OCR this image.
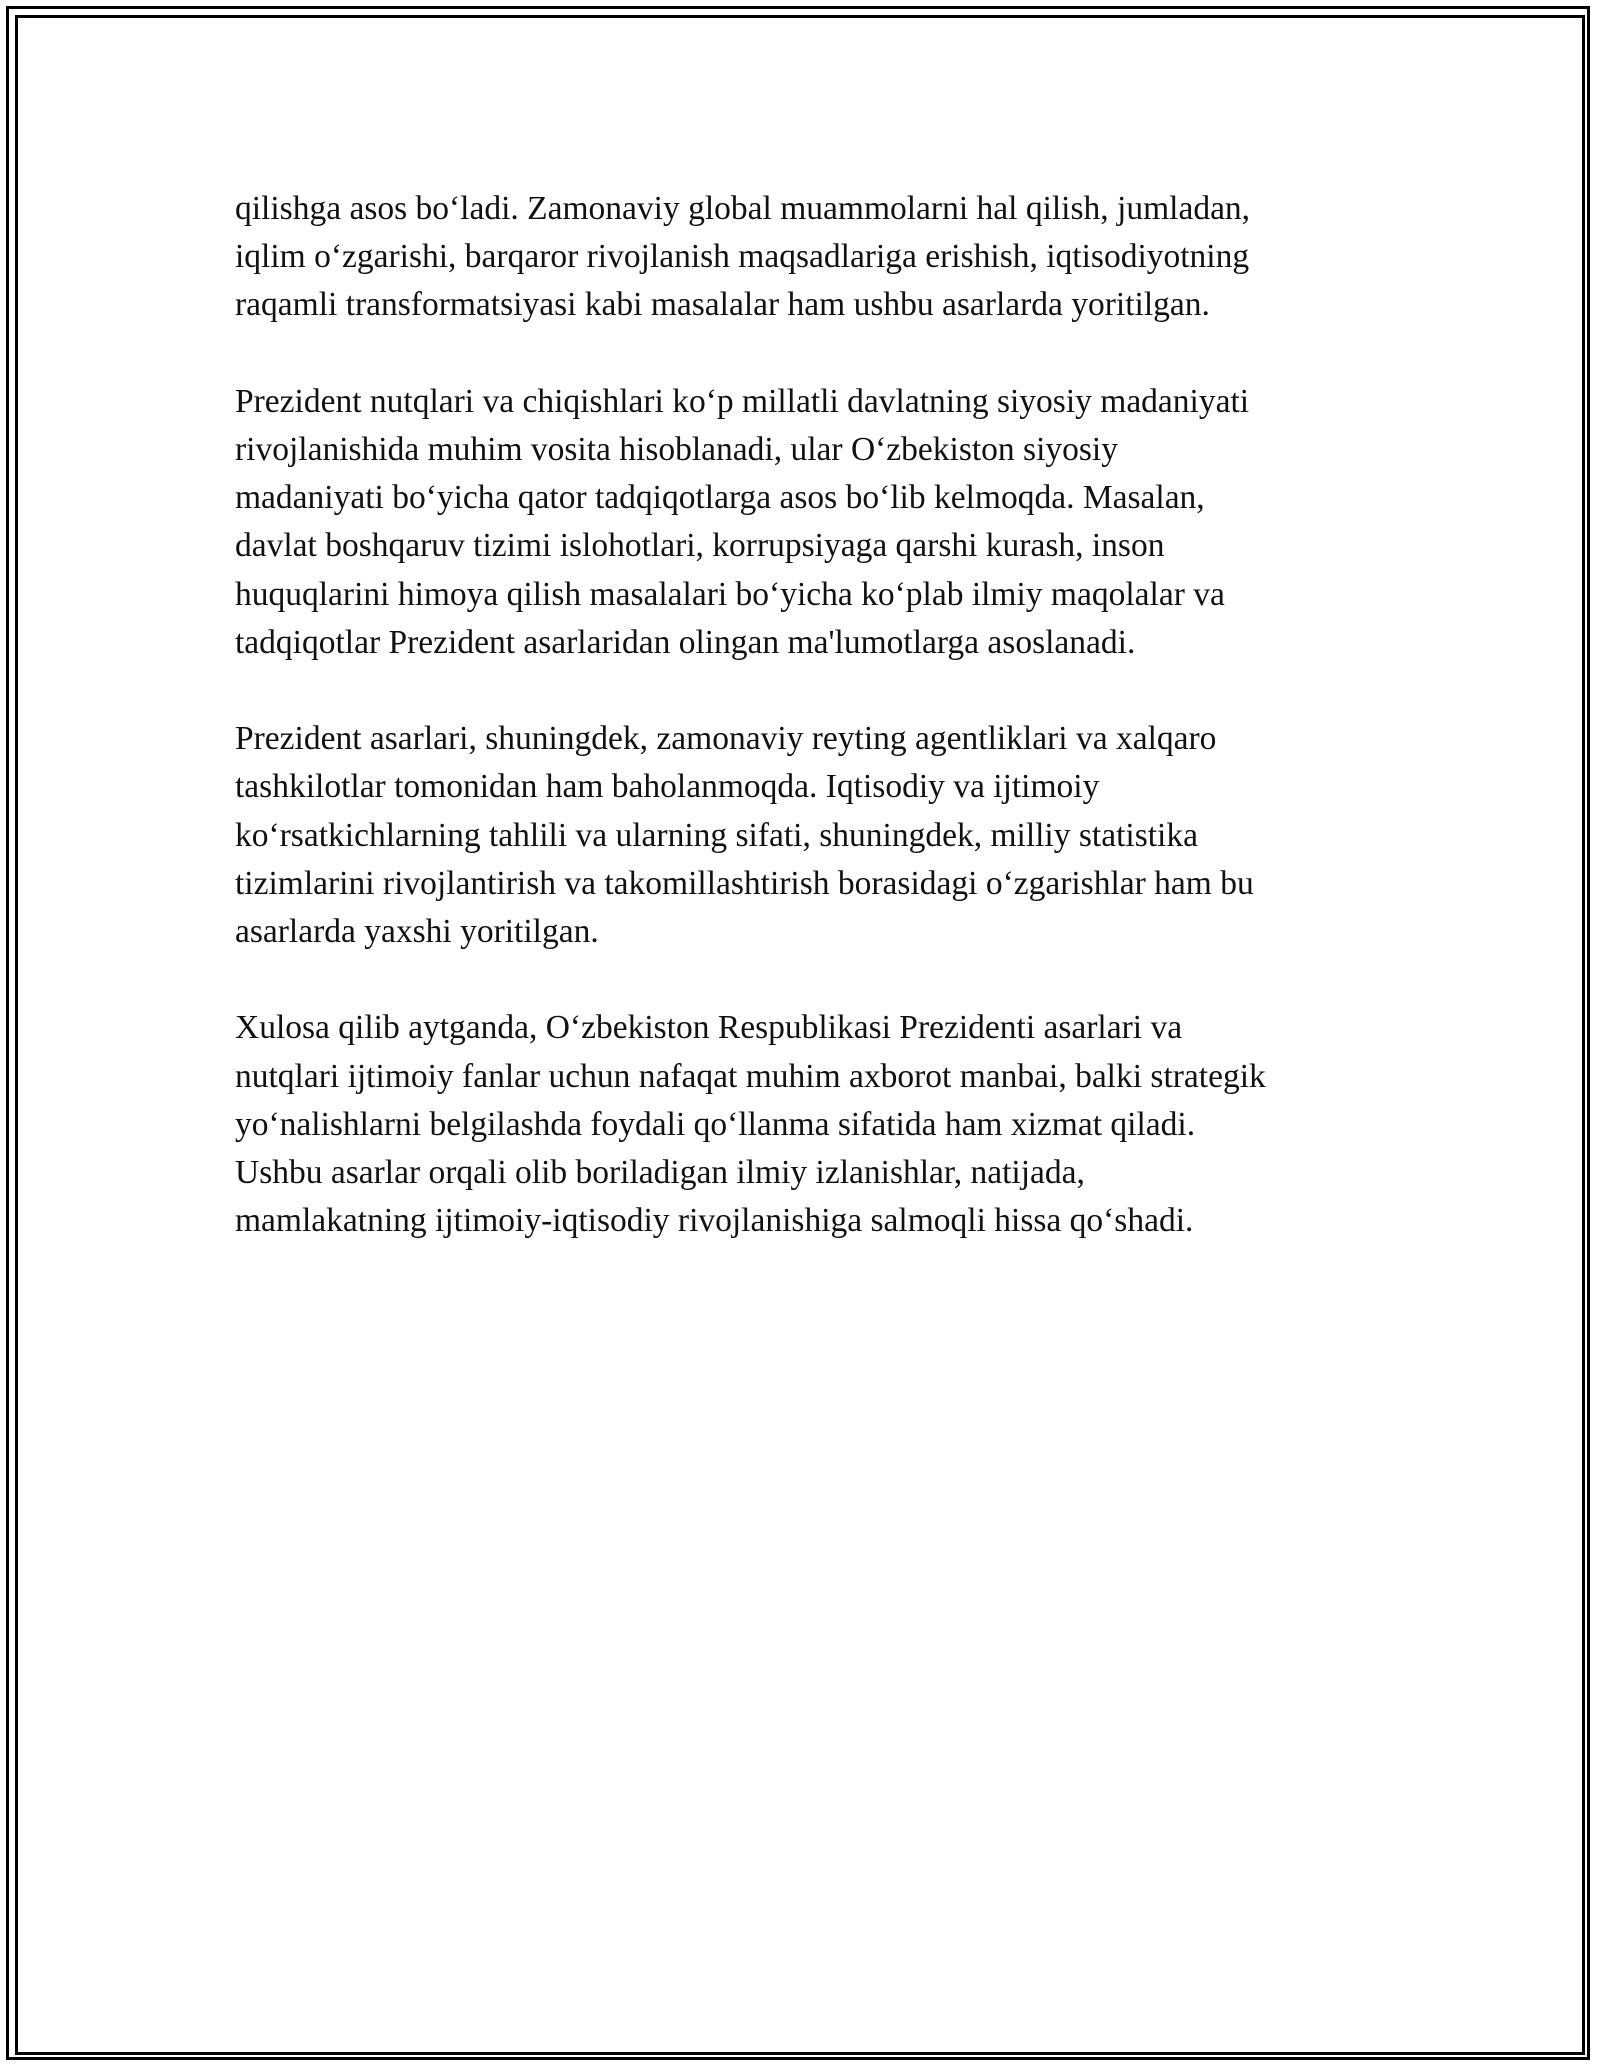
qilishga asos bo‘ladi. Zamonaviy global muammolarni hal qilish, jumladan,
iqlim o‘zgarishi, barqaror rivojlanish maqsadlariga erishish, iqtisodiyotning
raqamli transformatsiyasi kabi masalalar ham ushbu asarlarda yoritilgan.

Prezident nutqlari va chiqishlari ko‘p millatli davlatning siyosiy madaniyati
rivojlanishida muhim vosita hisoblanadi, ular O‘zbekiston siyosiy
madaniyati bo‘yicha qator tadqiqotlarga asos bo‘lib kelmoqda. Masalan,
davlat boshqaruv tizimi islohotlari, korrupsiyaga qarshi kurash, inson
huquqlarini himoya qilish masalalari bo‘yicha ko‘plab ilmiy maqolalar va
tadqiqotlar Prezident asarlaridan olingan ma'lumotlarga asoslanadi.

Prezident asarlari, shuningdek, zamonaviy reyting agentliklari va xalqaro
tashkilotlar tomonidan ham baholanmoqda. Iqtisodiy va ijtimoiy
ko‘rsatkichlarning tahlili va ularning sifati, shuningdek, milliy statistika
tizimlarini rivojlantirish va takomillashtirish borasidagi o‘zgarishlar ham bu
asarlarda yaxshi yoritilgan.

Xulosa qilib aytganda, O‘zbekiston Respublikasi Prezidenti asarlari va
nutqlari ijtimoiy fanlar uchun nafaqat muhim axborot manbai, balki strategik
yo‘nalishlarni belgilashda foydali qo‘llanma sifatida ham xizmat qiladi.
Ushbu asarlar orqali olib boriladigan ilmiy izlanishlar, natijada,
mamlakatning ijtimoiy-iqtisodiy rivojlanishiga salmoqli hissa qo‘shadi.
